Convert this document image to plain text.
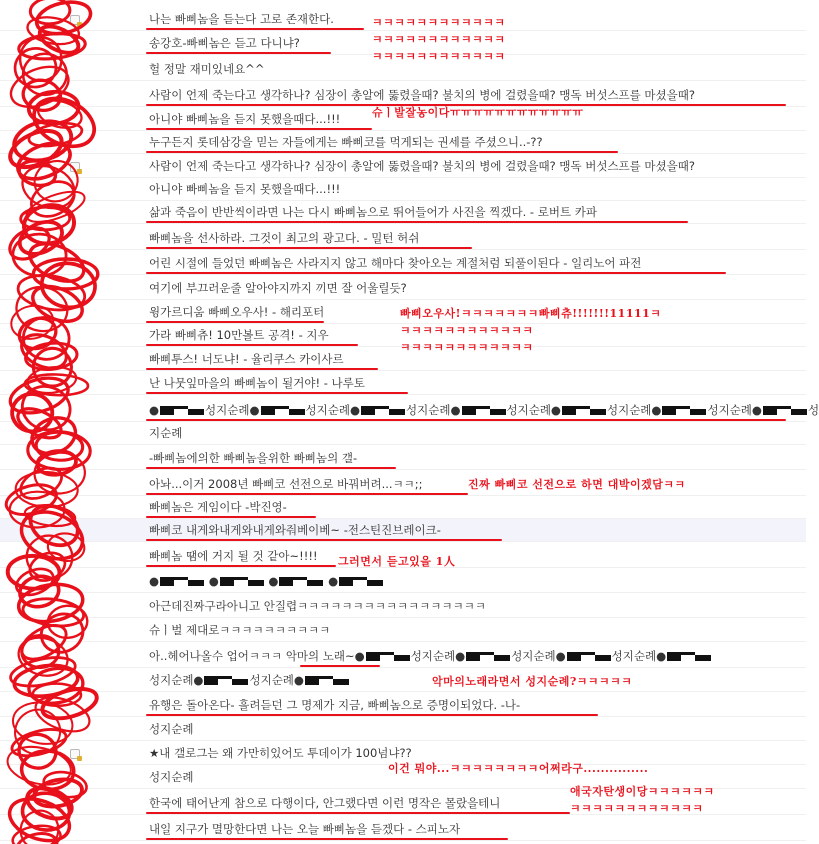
나는 빠삐놈을 듣는다 고로 존재한다.
송강호-빠삐놈은 듣고 다니냐?
헐 정말 재미있네요^^
사람이 언제 죽는다고 생각하나? 심장이 총알에 뚫렸을때? 불치의 병에 걸렸을때? 맹독 버섯스프를 마셨을때?
아니야 빠삐놈을 듣지 못했을때다...!!!
누구든지 롯데삼강을 믿는 자들에게는 빠삐코를 먹게되는 권세를 주셨으니..-??
사람이 언제 죽는다고 생각하나? 심장이 총알에 뚫렸을때? 불치의 병에 걸렸을때? 맹독 버섯스프를 마셨을때?
아니야 빠삐놈을 듣지 못했을때다...!!!
삶과 죽음이 반반씩이라면 나는 다시 빠삐놈으로 뛰어들어가 사진을 찍겠다. - 로버트 카파
빠삐놈을 선사하라. 그것이 최고의 광고다. - 밀턴 허쉬
어린 시절에 들었던 빠삐놈은 사라지지 않고 해마다 찾아오는 계절처럼 되풀이된다 - 일리노어 파전
여기에 부끄러운줄 알아야지까지 끼면 잘 어울릴듯?
윙가르디움 빠삐오우사! - 해리포터
가라 빠삐츄! 10만볼트 공격! - 지우
빠삐투스! 너도냐! - 율리쿠스 카이사르
난 나뭇잎마을의 빠삐놈이 될거야! - 나루토
●	성지순례●	성지순례●	성지순례●	성지순례●	성지순례●	성지순례●	성
지순례
-빠삐놈에의한 빠삐놈을위한 빠삐놈의 갤-
아놔...이거 2008년 빠삐코 선전으로 바꿔버려...ㅋㅋ;;
빠삐놈은 게임이다 -박진영-
빠삐코 내게와내게와내게와줘베이베~ -전스틴진브레이크-
빠삐놈 땜에 거지 될 것 같아~!!!!
●	●	●	●
아근데진짜구라아니고 안질렵ㅋㅋㅋㅋㅋㅋㅋㅋㅋㅋㅋㅋㅋㅋㅋㅋㅋ
슈ㅣ벌 제대로ㅋㅋㅋㅋㅋㅋㅋㅋㅋㅋ
아..헤어나올수 업어ㅋㅋㅋ 악마의 노래~●	성지순례●	성지순례●	성지순례●
성지순례●	성지순례●
유행은 돌아온다- 흘려듣던 그 명제가 지금, 빠삐놈으로 증명이되었다. -나-
성지순례
★내 갤로그는 왜 가만히있어도 투데이가 100넘냐??
성지순례
한국에 태어난게 참으로 다행이다, 안그랬다면 이런 명작은 몰랐을테니
내일 지구가 멸망한다면 나는 오늘 빠삐놈을 듣겠다 - 스피노자
ㅋㅋㅋㅋㅋㅋㅋㅋㅋㅋㅋㅋ
ㅋㅋㅋㅋㅋㅋㅋㅋㅋㅋㅋㅋ
ㅋㅋㅋㅋㅋㅋㅋㅋㅋㅋㅋㅋ
슈ㅣ발잘농이다ㅠㅠㅠㅠㅠㅠㅠㅠㅠㅠㅠㅠ
빠삐오우사!ㅋㅋㅋㅋㅋㅋㅋ빠삐츄!!!!!!!11111ㅋ
ㅋㅋㅋㅋㅋㅋㅋㅋㅋㅋㅋㅋ
ㅋㅋㅋㅋㅋㅋㅋㅋㅋㅋㅋㅋ
진짜 빠삐코 선전으로 하면 대박이겠담ㅋㅋ
그러면서 듣고있을 1人
악마의노래라면서 성지순례?ㅋㅋㅋㅋㅋ
이건 뭐야...ㅋㅋㅋㅋㅋㅋㅋㅋ어쩌라구...............
애국자탄생이당ㅋㅋㅋㅋㅋㅋ
ㅋㅋㅋㅋㅋㅋㅋㅋㅋㅋㅋㅋ
